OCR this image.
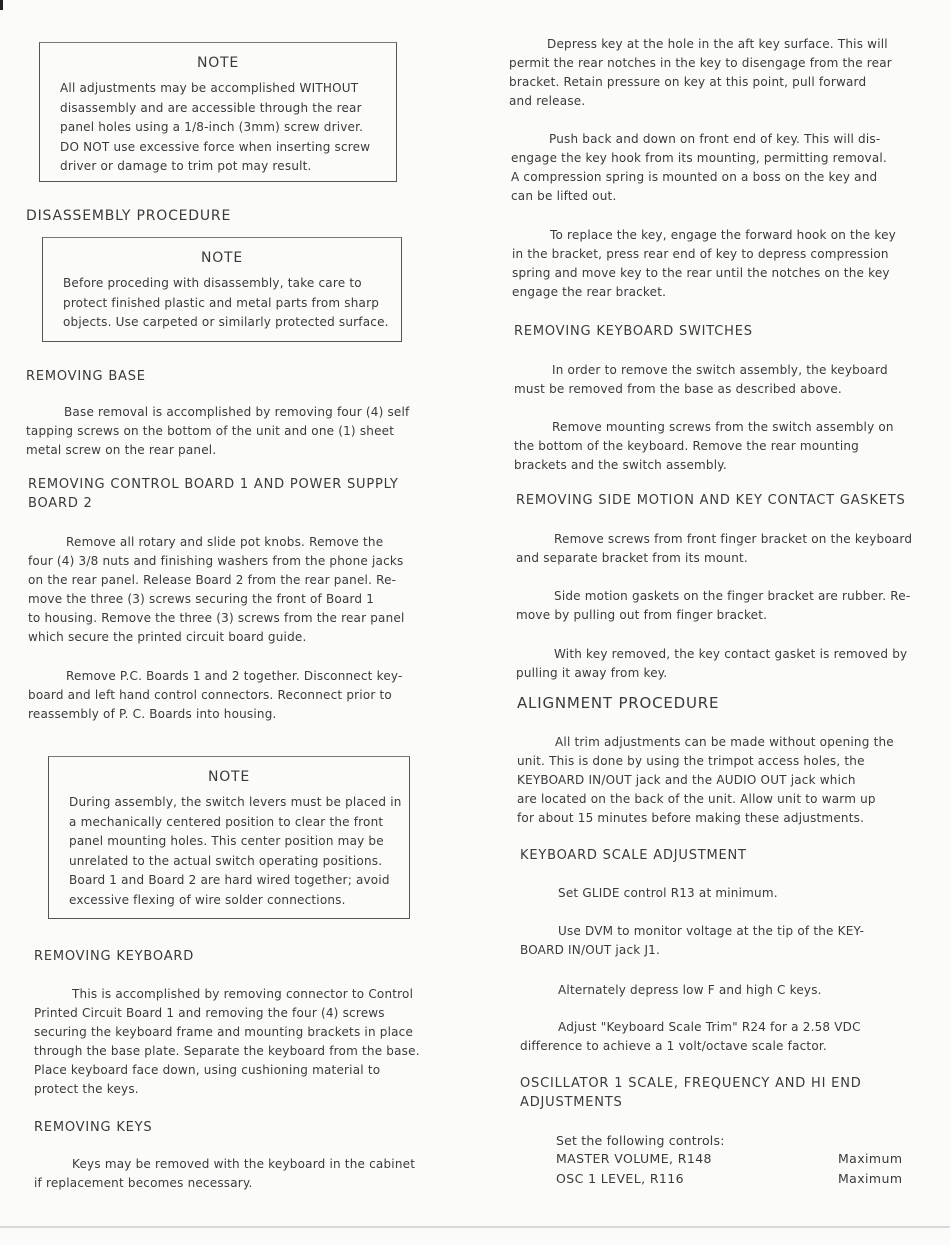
NOTE

All adjustments may be accomplished WITHOUT
disassembly and are accessible through the rear
panel holes using a 1/8-inch (3mm) screw driver.
DO NOT use excessive force when inserting screw
driver or damage to trim pot may result.

DISASSEMBLY PROCEDURE

NOTE

Before proceding with disassembly, take care to
protect finished plastic and metal parts from sharp
objects. Use carpeted or similarly protected surface.

REMOVING BASE

Base removal is accomplished by removing four (4) self
tapping screws on the bottom of the unit and one (1) sheet
metal screw on the rear panel.

REMOVING CONTROL BOARD 1 AND POWER SUPPLY
BOARD 2

Remove all rotary and slide pot knobs. Remove the
four (4) 3/8 nuts and finishing washers from the phone jacks
on the rear panel. Release Board 2 from the rear panel. Re-
move the three (3) screws securing the front of Board 1
to housing. Remove the three (3) screws from the rear panel
which secure the printed circuit board guide.

Remove P.C. Boards 1 and 2 together. Disconnect key-
board and left hand control connectors. Reconnect prior to
reassembly of P. C. Boards into housing.

NOTE

During assembly, the switch levers must be placed in
a mechanically centered position to clear the front
panel mounting holes. This center position may be
unrelated to the actual switch operating positions.
Board 1 and Board 2 are hard wired together; avoid
excessive flexing of wire solder connections.

REMOVING KEYBOARD

This is accomplished by removing connector to Control
Printed Circuit Board 1 and removing the four (4) screws
securing the keyboard frame and mounting brackets in place
through the base plate. Separate the keyboard from the base.
Place keyboard face down, using cushioning material to
protect the keys.

REMOVING KEYS

Keys may be removed with the keyboard in the cabinet
if replacement becomes necessary.

Depress key at the hole in the aft key surface. This will
permit the rear notches in the key to disengage from the rear
bracket. Retain pressure on key at this point, pull forward
and release.

Push back and down on front end of key. This will dis-
engage the key hook from its mounting, permitting removal.
A compression spring is mounted on a boss on the key and
can be lifted out.

To replace the key, engage the forward hook on the key
in the bracket, press rear end of key to depress compression
spring and move key to the rear until the notches on the key
engage the rear bracket.

REMOVING KEYBOARD SWITCHES

In order to remove the switch assembly, the keyboard
must be removed from the base as described above.

Remove mounting screws from the switch assembly on
the bottom of the keyboard. Remove the rear mounting
brackets and the switch assembly.

REMOVING SIDE MOTION AND KEY CONTACT GASKETS

Remove screws from front finger bracket on the keyboard
and separate bracket from its mount.

Side motion gaskets on the finger bracket are rubber. Re-
move by pulling out from finger bracket.

With key removed, the key contact gasket is removed by
pulling it away from key.

ALIGNMENT PROCEDURE

All trim adjustments can be made without opening the
unit. This is done by using the trimpot access holes, the
KEYBOARD IN/OUT jack and the AUDIO OUT jack which
are located on the back of the unit. Allow unit to warm up
for about 15 minutes before making these adjustments.

KEYBOARD SCALE ADJUSTMENT

Set GLIDE control R13 at minimum.

Use DVM to monitor voltage at the tip of the KEY-
BOARD IN/OUT jack J1.

Alternately depress low F and high C keys.

Adjust "Keyboard Scale Trim" R24 for a 2.58 VDC
difference to achieve a 1 volt/octave scale factor.

OSCILLATOR 1 SCALE, FREQUENCY AND HI END
ADJUSTMENTS

Set the following controls:

MASTER VOLUME, R148	Maximum
OSC 1 LEVEL, R116	Maximum
